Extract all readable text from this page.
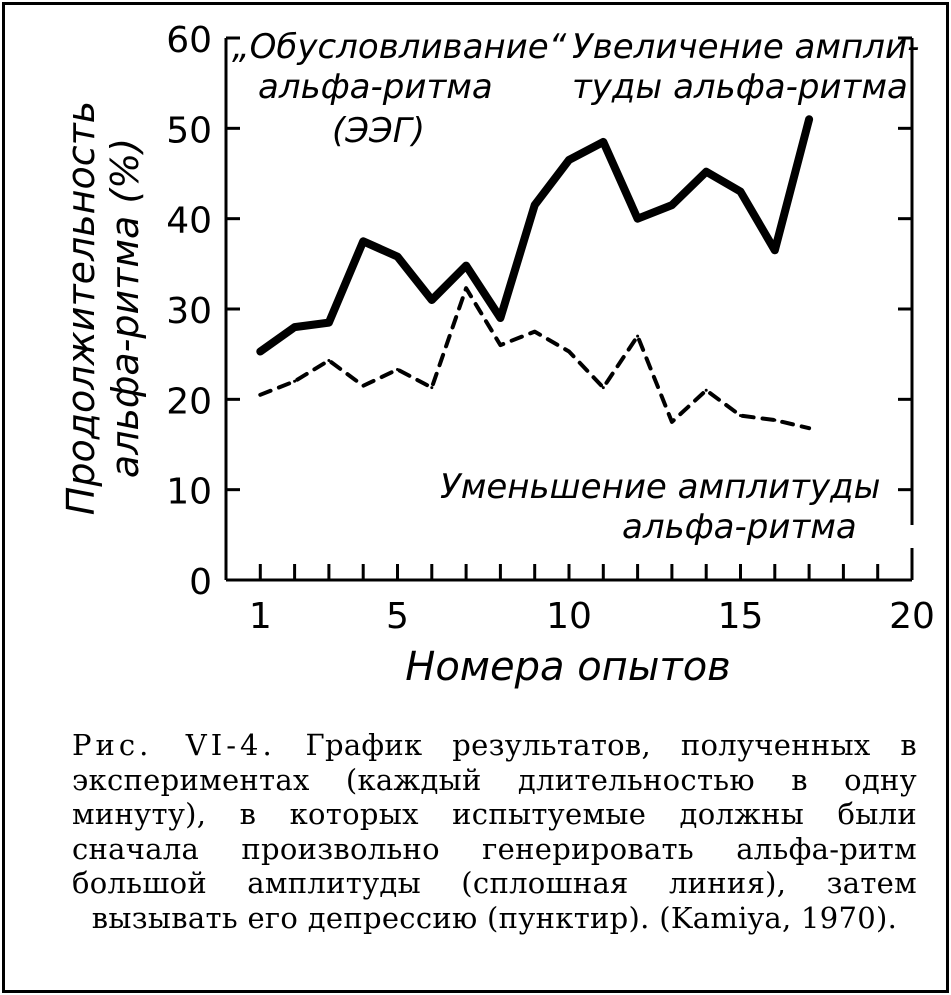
0
10
20
30
40
50
60
1	5	10	15	20
Продолжительность альфа-ритма (%)
Номера опытов
„Обусловливание“
альфа-ритма
(ЭЭГ)
Увеличение ампли-
туды альфа-ритма
Уменьшение амплитуды
альфа-ритма
Рис. VI-4. График результатов, полученных в экспериментах (каждый длительностью в одну минуту), в которых испытуемые должны были сначала произвольно генерировать альфа-ритм большой амплитуды (сплошная линия), затем вызывать его депрессию (пунктир). (Kamiya, 1970).
